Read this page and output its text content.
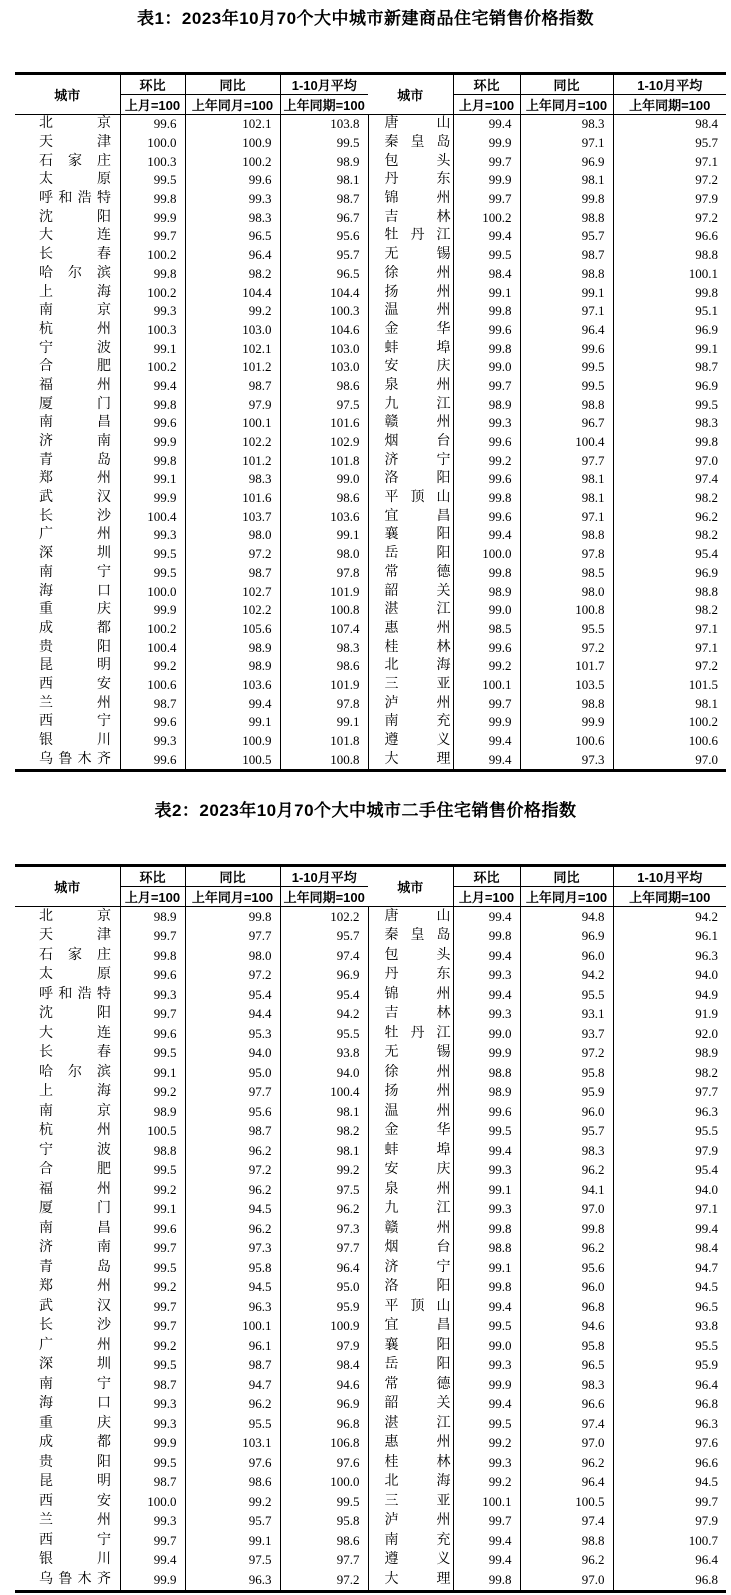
表1：2023年10月70个大中城市新建商品住宅销售价格指数
城市	环比	同比	1-10月平均	城市	环比	同比	1-10月平均
	上月=100	上年同月=100	上年同期=100		上月=100	上年同月=100	上年同期=100

北京	99.6	102.1	103.8	唐山	99.4	98.3	98.4

天津	100.0	100.9	99.5	秦皇岛	99.9	97.1	95.7

石家庄	100.3	100.2	98.9	包头	99.7	96.9	97.1

太原	99.5	99.6	98.1	丹东	99.9	98.1	97.2

呼和浩特	99.8	99.3	98.7	锦州	99.7	99.8	97.9

沈阳	99.9	98.3	96.7	吉林	100.2	98.8	97.2

大连	99.7	96.5	95.6	牡丹江	99.4	95.7	96.6

长春	100.2	96.4	95.7	无锡	99.5	98.7	98.8

哈尔滨	99.8	98.2	96.5	徐州	98.4	98.8	100.1

上海	100.2	104.4	104.4	扬州	99.1	99.1	99.8

南京	99.3	99.2	100.3	温州	99.8	97.1	95.1

杭州	100.3	103.0	104.6	金华	99.6	96.4	96.9

宁波	99.1	102.1	103.0	蚌埠	99.8	99.6	99.1

合肥	100.2	101.2	103.0	安庆	99.0	99.5	98.7

福州	99.4	98.7	98.6	泉州	99.7	99.5	96.9

厦门	99.8	97.9	97.5	九江	98.9	98.8	99.5

南昌	99.6	100.1	101.6	赣州	99.3	96.7	98.3

济南	99.9	102.2	102.9	烟台	99.6	100.4	99.8

青岛	99.8	101.2	101.8	济宁	99.2	97.7	97.0

郑州	99.1	98.3	99.0	洛阳	99.6	98.1	97.4

武汉	99.9	101.6	98.6	平顶山	99.8	98.1	98.2

长沙	100.4	103.7	103.6	宜昌	99.6	97.1	96.2

广州	99.3	98.0	99.1	襄阳	99.4	98.8	98.2

深圳	99.5	97.2	98.0	岳阳	100.0	97.8	95.4

南宁	99.5	98.7	97.8	常德	99.8	98.5	96.9

海口	100.0	102.7	101.9	韶关	98.9	98.0	98.8

重庆	99.9	102.2	100.8	湛江	99.0	100.8	98.2

成都	100.2	105.6	107.4	惠州	98.5	95.5	97.1

贵阳	100.4	98.9	98.3	桂林	99.6	97.2	97.1

昆明	99.2	98.9	98.6	北海	99.2	101.7	97.2

西安	100.6	103.6	101.9	三亚	100.1	103.5	101.5

兰州	98.7	99.4	97.8	泸州	99.7	98.8	98.1

西宁	99.6	99.1	99.1	南充	99.9	99.9	100.2

银川	99.3	100.9	101.8	遵义	99.4	100.6	100.6

乌鲁木齐	99.6	100.5	100.8	大理	99.4	97.3	97.0
表2：2023年10月70个大中城市二手住宅销售价格指数
城市	环比	同比	1-10月平均	城市	环比	同比	1-10月平均
	上月=100	上年同月=100	上年同期=100		上月=100	上年同月=100	上年同期=100

北京	98.9	99.8	102.2	唐山	99.4	94.8	94.2

天津	99.7	97.7	95.7	秦皇岛	99.8	96.9	96.1

石家庄	99.8	98.0	97.4	包头	99.4	96.0	96.3

太原	99.6	97.2	96.9	丹东	99.3	94.2	94.0

呼和浩特	99.3	95.4	95.4	锦州	99.4	95.5	94.9

沈阳	99.7	94.4	94.2	吉林	99.3	93.1	91.9

大连	99.6	95.3	95.5	牡丹江	99.0	93.7	92.0

长春	99.5	94.0	93.8	无锡	99.9	97.2	98.9

哈尔滨	99.1	95.0	94.0	徐州	98.8	95.8	98.2

上海	99.2	97.7	100.4	扬州	98.9	95.9	97.7

南京	98.9	95.6	98.1	温州	99.6	96.0	96.3

杭州	100.5	98.7	98.2	金华	99.5	95.7	95.5

宁波	98.8	96.2	98.1	蚌埠	99.4	98.3	97.9

合肥	99.5	97.2	99.2	安庆	99.3	96.2	95.4

福州	99.2	96.2	97.5	泉州	99.1	94.1	94.0

厦门	99.1	94.5	96.2	九江	99.3	97.0	97.1

南昌	99.6	96.2	97.3	赣州	99.8	99.8	99.4

济南	99.7	97.3	97.7	烟台	98.8	96.2	98.4

青岛	99.5	95.8	96.4	济宁	99.1	95.6	94.7

郑州	99.2	94.5	95.0	洛阳	99.8	96.0	94.5

武汉	99.7	96.3	95.9	平顶山	99.4	96.8	96.5

长沙	99.7	100.1	100.9	宜昌	99.5	94.6	93.8

广州	99.2	96.1	97.9	襄阳	99.0	95.8	95.5

深圳	99.5	98.7	98.4	岳阳	99.3	96.5	95.9

南宁	98.7	94.7	94.6	常德	99.9	98.3	96.4

海口	99.3	96.2	96.9	韶关	99.4	96.6	96.8

重庆	99.3	95.5	96.8	湛江	99.5	97.4	96.3

成都	99.9	103.1	106.8	惠州	99.2	97.0	97.6

贵阳	99.5	97.6	97.6	桂林	99.3	96.2	96.6

昆明	98.7	98.6	100.0	北海	99.2	96.4	94.5

西安	100.0	99.2	99.5	三亚	100.1	100.5	99.7

兰州	99.3	95.7	95.8	泸州	99.7	97.4	97.9

西宁	99.7	99.1	98.6	南充	99.4	98.8	100.7

银川	99.4	97.5	97.7	遵义	99.4	96.2	96.4

乌鲁木齐	99.9	96.3	97.2	大理	99.8	97.0	96.8
